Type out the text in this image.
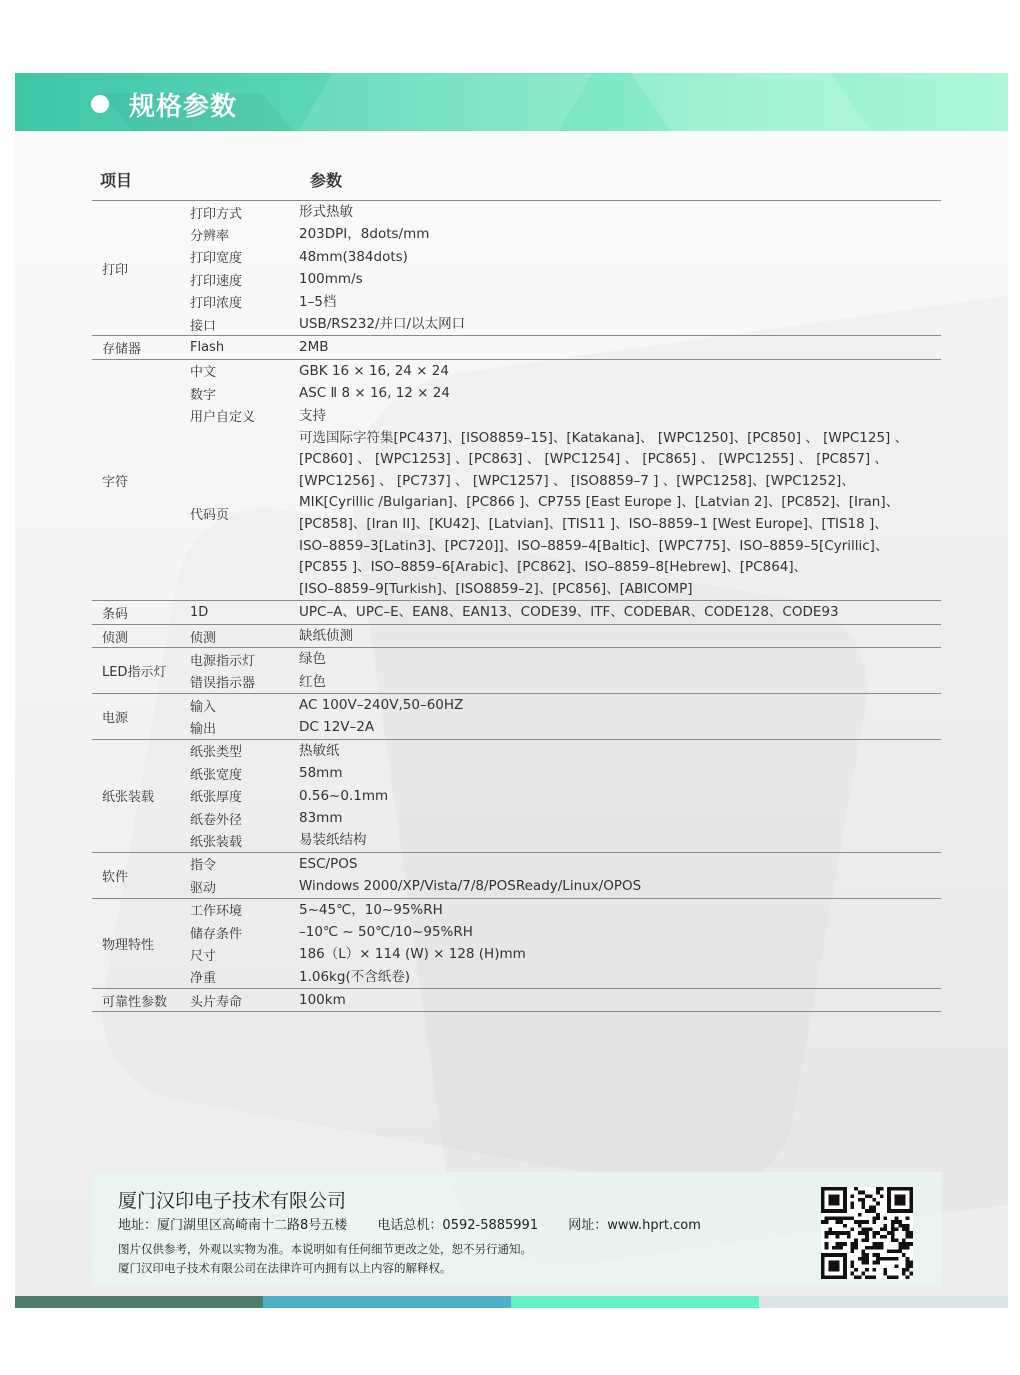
规格参数
项目	参数
打印
打印方式	形式热敏
分辨率	203DPI，8dots/mm
打印宽度	48mm(384dots)
打印速度	100mm/s
打印浓度	1–5档
接口	USB/RS232/并口/以太网口
存储器	Flash	2MB
字符
中文	GBK 16 × 16, 24 × 24
数字	ASC Ⅱ 8 × 16, 12 × 24
用户自定义	支持
代码页
可选国际字符集[PC437]、[ISO8859–15]、[Katakana]、 [WPC1250]、[PC850] 、 [WPC125] 、
[PC860] 、 [WPC1253] 、[PC863] 、 [WPC1254] 、 [PC865] 、 [WPC1255] 、 [PC857] 、
[WPC1256] 、 [PC737] 、 [WPC1257] 、 [ISO8859–7 ] 、[WPC1258]、[WPC1252]、
MIK[Cyrillic /Bulgarian]、[PC866 ]、CP755 [East Europe ]、[Latvian 2]、[PC852]、[Iran]、
[PC858]、[Iran II]、[KU42]、[Latvian]、[TIS11 ]、ISO–8859–1 [West Europe]、[TIS18 ]、
ISO–8859–3[Latin3]、[PC720]]、ISO–8859–4[Baltic]、[WPC775]、ISO–8859–5[Cyrillic]、
[PC855 ]、ISO–8859–6[Arabic]、[PC862]、ISO–8859–8[Hebrew]、[PC864]、
[ISO–8859–9[Turkish]、[ISO8859–2]、[PC856]、[ABICOMP]
条码	1D	UPC–A、UPC–E、EAN8、EAN13、CODE39、ITF、CODEBAR、CODE128、CODE93
侦测	侦测	缺纸侦测
LED指示灯
电源指示灯	绿色
错误指示器	红色
电源
输入	AC 100V–240V,50–60HZ
输出	DC 12V–2A
纸张装载
纸张类型	热敏纸
纸张宽度	58mm
纸张厚度	0.56~0.1mm
纸卷外径	83mm
纸张装载	易装纸结构
软件
指令	ESC/POS
驱动	Windows 2000/XP/Vista/7/8/POSReady/Linux/OPOS
物理特性
工作环境	5~45℃，10~95%RH
储存条件	–10℃ ~ 50℃/10~95%RH
尺寸	186（L）× 114 (W) × 128 (H)mm
净重	1.06kg(不含纸卷)
可靠性参数	头片寿命	100km
厦门汉印电子技术有限公司
地址：厦门湖里区高崎南十二路8号五楼 电话总机：0592-5885991 网址：www.hprt.com
图片仅供参考，外观以实物为准。本说明如有任何细节更改之处，恕不另行通知。
厦门汉印电子技术有限公司在法律许可内拥有以上内容的解释权。
